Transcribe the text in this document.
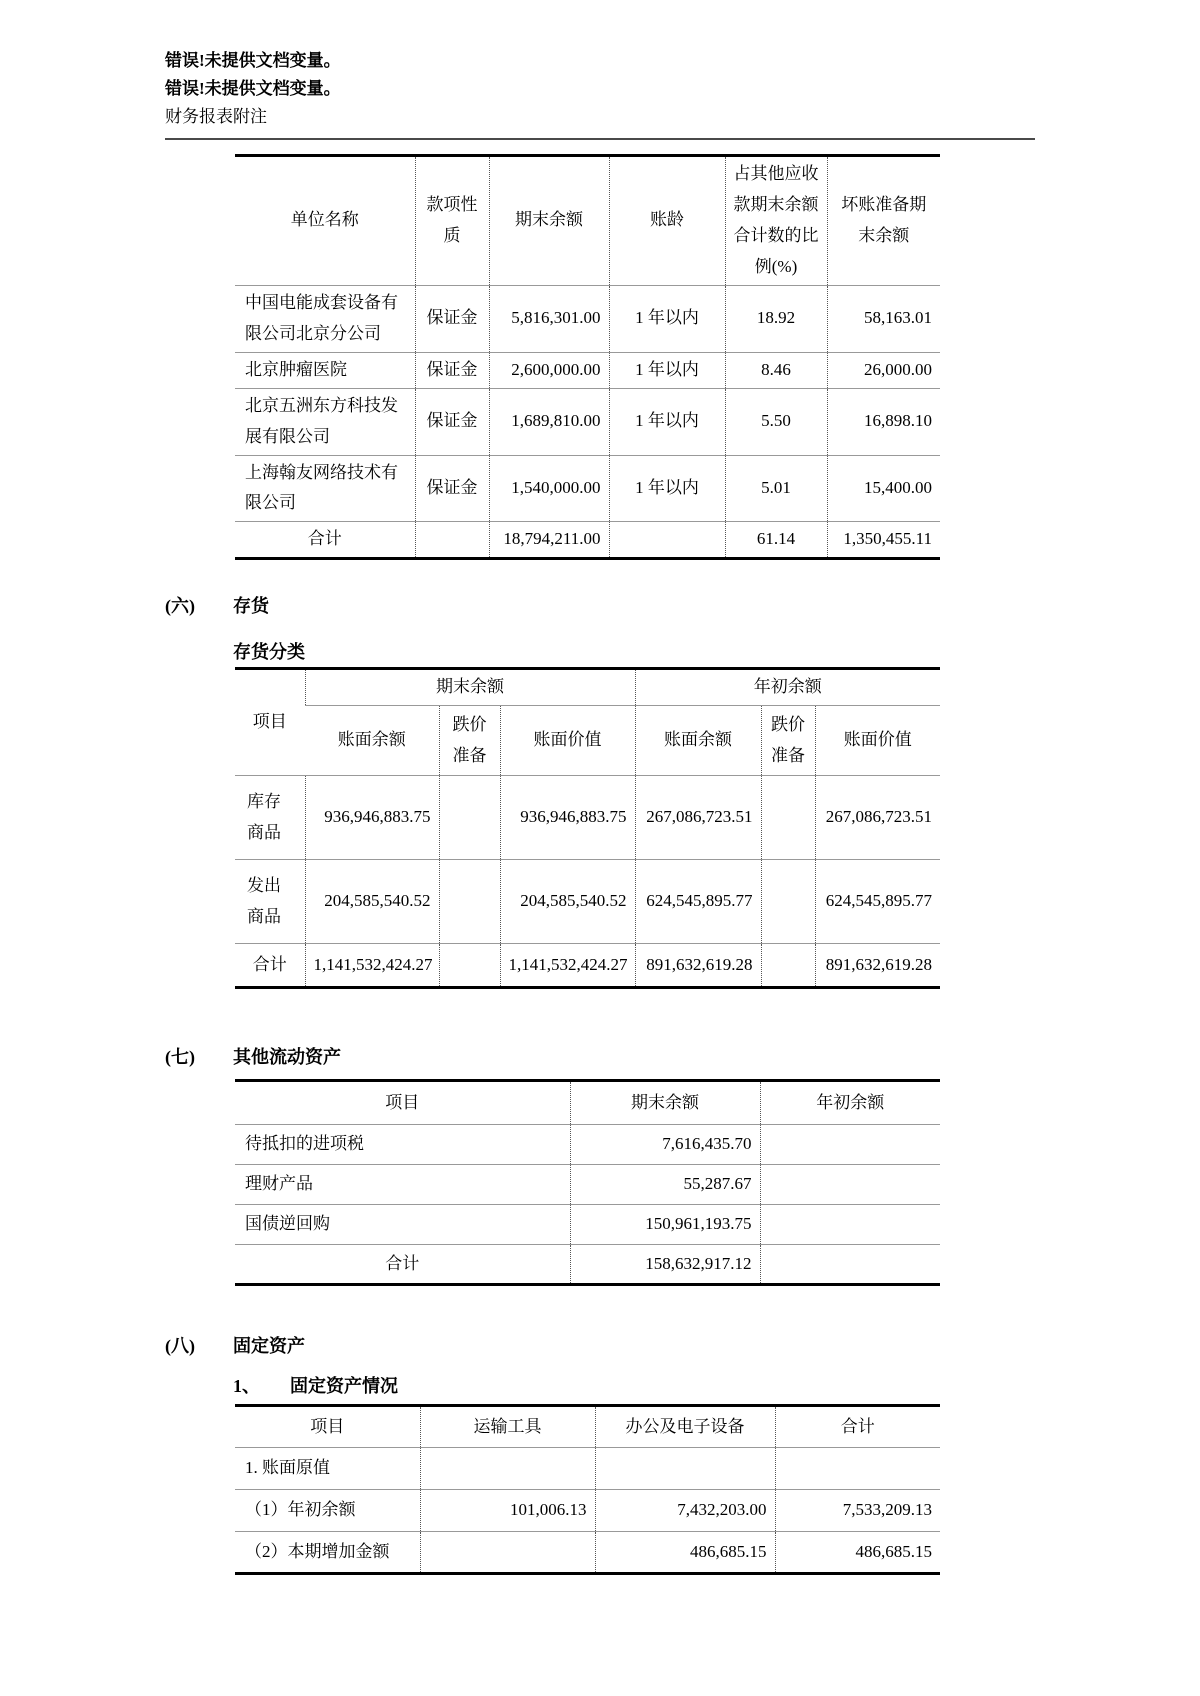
错误!未提供文档变量。
错误!未提供文档变量。
财务报表附注
单位名称	款项性质	期末余额	账龄	占其他应收款期末余额合计数的比例(%)	坏账准备期末余额
中国电能成套设备有限公司北京分公司	保证金	5,816,301.00	1 年以内	18.92	58,163.01
北京肿瘤医院	保证金	2,600,000.00	1 年以内	8.46	26,000.00
北京五洲东方科技发展有限公司	保证金	1,689,810.00	1 年以内	5.50	16,898.10
上海翰友网络技术有限公司	保证金	1,540,000.00	1 年以内	5.01	15,400.00
合计		18,794,211.00		61.14	1,350,455.11
(六)	存货
存货分类
项目	期末余额			年初余额		
	账面余额	跌价准备	账面价值	账面余额	跌价准备	账面价值
库存商品	936,946,883.75		936,946,883.75	267,086,723.51		267,086,723.51
发出商品	204,585,540.52		204,585,540.52	624,545,895.77		624,545,895.77
合计	1,141,532,424.27		1,141,532,424.27	891,632,619.28		891,632,619.28
(七)	其他流动资产
项目	期末余额	年初余额
待抵扣的进项税	7,616,435.70	
理财产品	55,287.67	
国债逆回购	150,961,193.75	
合计	158,632,917.12	
(八)	固定资产
1、	固定资产情况
项目	运输工具	办公及电子设备	合计
1. 账面原值			
（1）年初余额	101,006.13	7,432,203.00	7,533,209.13
（2）本期增加金额		486,685.15	486,685.15
